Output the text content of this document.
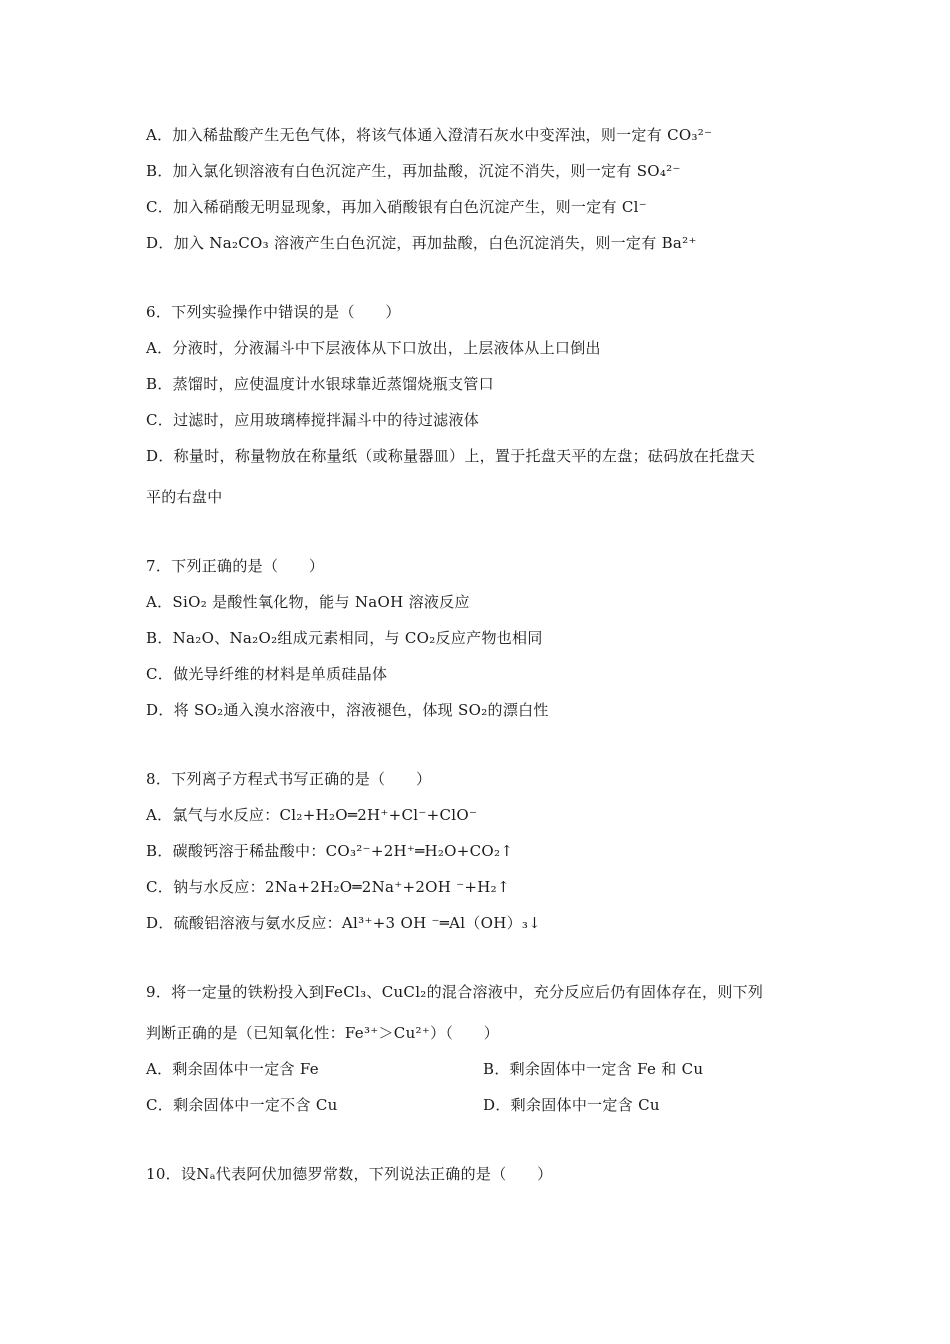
A．加入稀盐酸产生无色气体，将该气体通入澄清石灰水中变浑浊，则一定有 CO₃²⁻
B．加入氯化钡溶液有白色沉淀产生，再加盐酸，沉淀不消失，则一定有 SO₄²⁻
C．加入稀硝酸无明显现象，再加入硝酸银有白色沉淀产生，则一定有 Cl⁻
D．加入 Na₂CO₃ 溶液产生白色沉淀，再加盐酸，白色沉淀消失，则一定有 Ba²⁺
6．下列实验操作中错误的是（　　）
A．分液时，分液漏斗中下层液体从下口放出，上层液体从上口倒出
B．蒸馏时，应使温度计水银球靠近蒸馏烧瓶支管口
C．过滤时，应用玻璃棒搅拌漏斗中的待过滤液体
D．称量时，称量物放在称量纸（或称量器皿）上，置于托盘天平的左盘；砝码放在托盘天
平的右盘中
7．下列正确的是（　　）
A．SiO₂ 是酸性氧化物，能与 NaOH 溶液反应
B．Na₂O、Na₂O₂组成元素相同，与 CO₂反应产物也相同
C．做光导纤维的材料是单质硅晶体
D．将 SO₂通入溴水溶液中，溶液褪色，体现 SO₂的漂白性
8．下列离子方程式书写正确的是（　　）
A．氯气与水反应：Cl₂+H₂O═2H⁺+Cl⁻+ClO⁻
B．碳酸钙溶于稀盐酸中：CO₃²⁻+2H⁺═H₂O+CO₂↑
C．钠与水反应：2Na+2H₂O═2Na⁺+2OH ⁻+H₂↑
D．硫酸铝溶液与氨水反应：Al³⁺+3 OH ⁻═Al（OH）₃↓
9．将一定量的铁粉投入到FeCl₃、CuCl₂的混合溶液中，充分反应后仍有固体存在，则下列
判断正确的是（已知氧化性：Fe³⁺＞Cu²⁺）（　　）
A．剩余固体中一定含 Fe	B．剩余固体中一定含 Fe 和 Cu
C．剩余固体中一定不含 Cu	D．剩余固体中一定含 Cu
10．设Nₐ代表阿伏加德罗常数，下列说法正确的是（　　）
